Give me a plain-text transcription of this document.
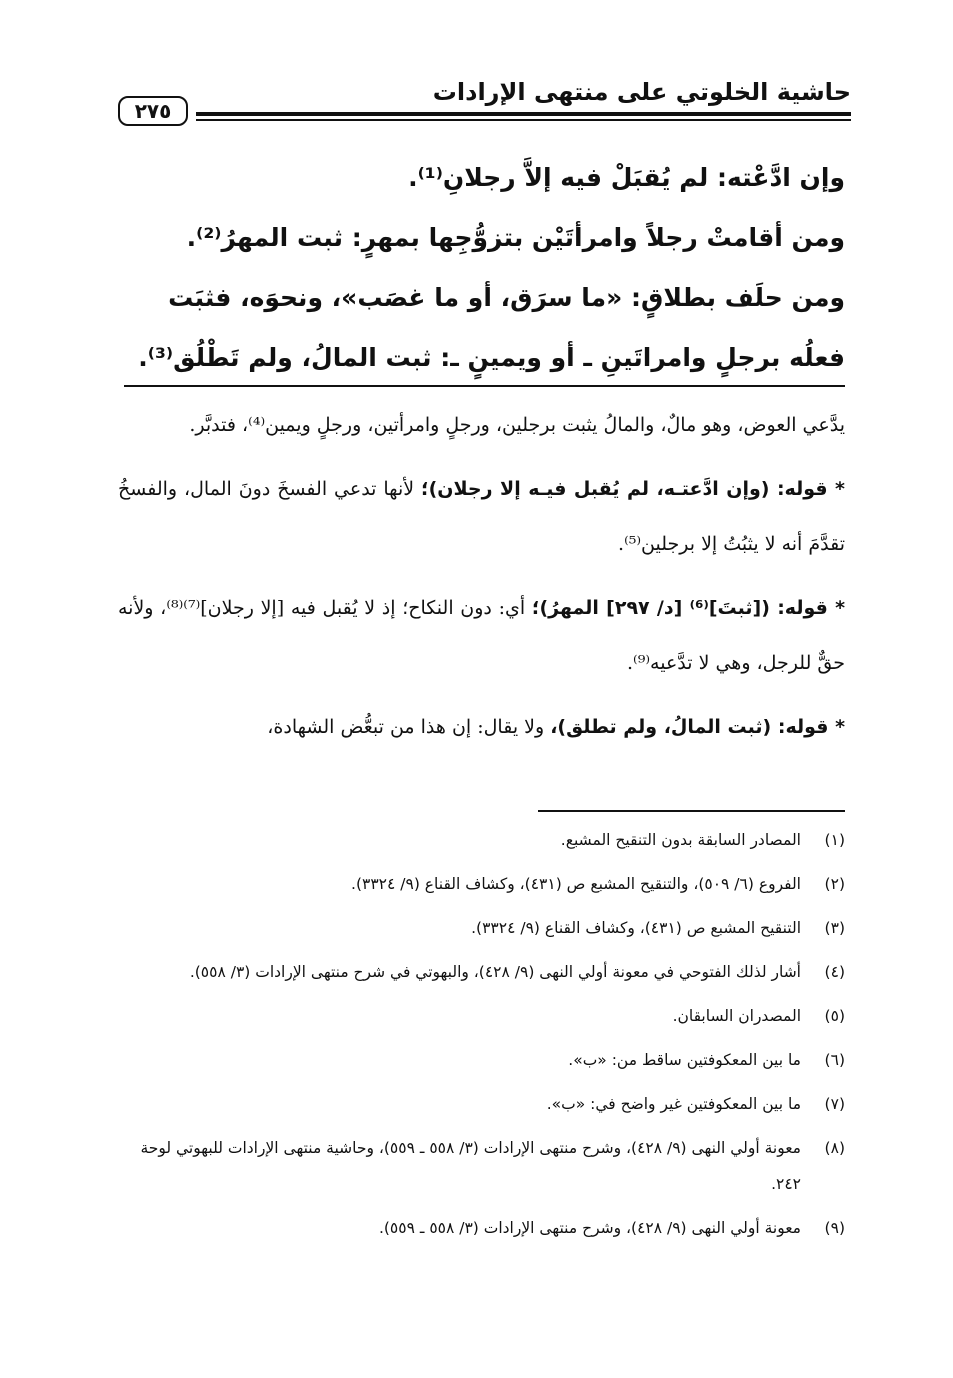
حاشية الخلوتي على منتهى الإرادات
٢٧٥

وإن ادَّعْته: لم يُقبَلْ فيه إلاَّ رجلانِ⁽¹⁾.

ومن أقامتْ رجلاً وامرأتَيْن بتزوُّجِها بمهرٍ: ثبت المهرُ⁽²⁾.

ومن حلَف بطلاقٍ: «ما سرَق، أو ما غصَب»، ونحوَه، فثبَت فعلُه برجلٍ وامراتَينِ ـ أو ويمينٍ ـ: ثبت المالُ، ولم تَطْلُق⁽³⁾.

يدَّعي العوض، وهو مالٌ، والمالُ يثبت برجلين، ورجلٍ وامرأتين، ورجلٍ ويمين⁽⁴⁾، فتدبَّر.

* قوله: (وإن ادَّعتـه، لم يُقبل فيـه إلا رجلان)؛ لأنها تدعي الفسخَ دونَ المال، والفسخُ تقدَّمَ أنه لا يثبُتُ إلا برجلين⁽⁵⁾.

* قوله: ([ثبتَ]⁽⁶⁾ [د/ ٢٩٧] المهرُ)؛ أي: دون النكاح؛ إذ لا يُقبل فيه [إلا رجلان]⁽⁷⁾⁽⁸⁾، ولأنه حقٌّ للرجل، وهي لا تدَّعيه⁽⁹⁾.

* قوله: (ثبت المالُ، ولم تطلق)، ولا يقال: إن هذا من تبعُّض الشهادة،

(١)
المصادر السابقة بدون التنقيح المشبع.
(٢)
الفروع (٦/ ٥٠٩)، والتنقيح المشبع ص (٤٣١)، وكشاف القناع (٩/ ٣٣٢٤).
(٣)
التنقيح المشبع ص (٤٣١)، وكشاف القناع (٩/ ٣٣٢٤).
(٤)
أشار لذلك الفتوحي في معونة أولي النهى (٩/ ٤٢٨)، والبهوتي في شرح منتهى الإرادات (٣/ ٥٥٨).
(٥)
المصدران السابقان.
(٦)
ما بين المعكوفتين ساقط من: «ب».
(٧)
ما بين المعكوفتين غير واضح في: «ب».
(٨)
معونة أولي النهى (٩/ ٤٢٨)، وشرح منتهى الإرادات (٣/ ٥٥٨ ـ ٥٥٩)، وحاشية منتهى الإرادات للبهوتي لوحة ٢٤٢.
(٩)
معونة أولي النهى (٩/ ٤٢٨)، وشرح منتهى الإرادات (٣/ ٥٥٨ ـ ٥٥٩).
